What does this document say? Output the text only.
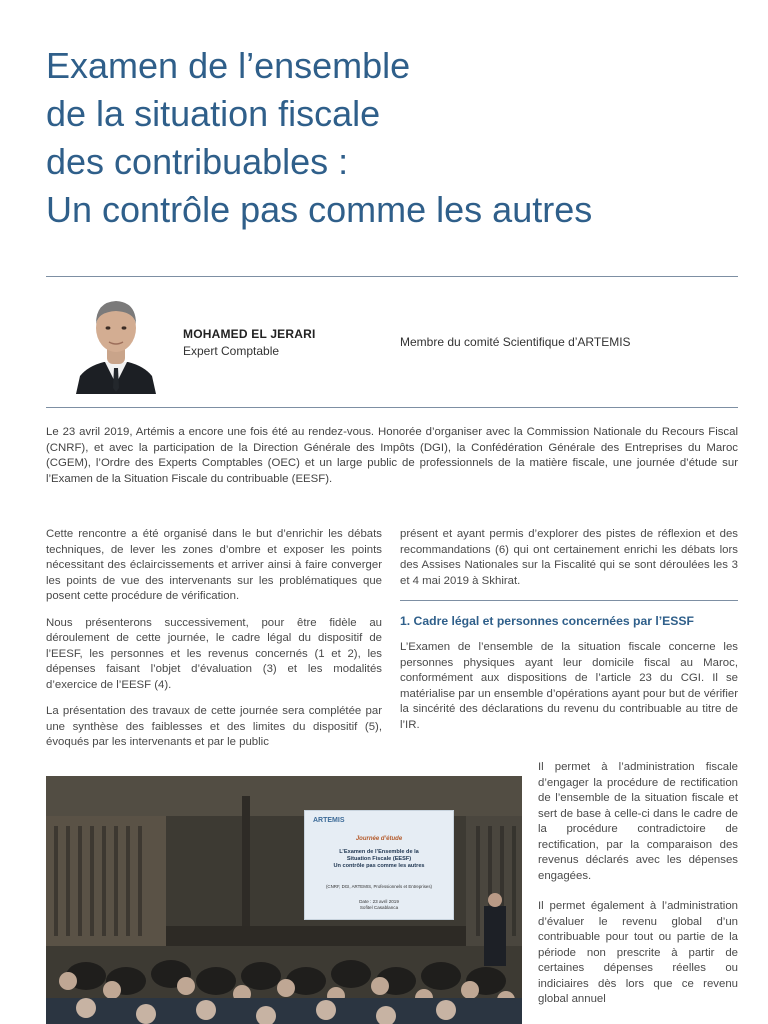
Examen de l’ensemble
de la situation fiscale
des contribuables :
Un contrôle pas comme les autres
MOHAMED EL JERARI
Expert Comptable
Membre du comité Scientifique d’ARTEMIS

Le 23 avril 2019, Artémis a encore une fois été au rendez-vous. Honorée d’organiser avec la Commission Nationale du Recours Fiscal (CNRF), et avec la participation de la Direction Générale des Impôts (DGI), la Confédération Générale des Entreprises du Maroc (CGEM), l’Ordre des Experts Comptables (OEC) et un large public de professionnels de la matière fiscale, une journée d’étude sur l’Examen de la Situation Fiscale du contribuable (EESF).

Cette rencontre a été organisé dans le but d’enrichir les débats techniques, de lever les zones d’ombre et exposer les points nécessitant des éclaircissements et arriver ainsi à faire converger les points de vue des intervenants sur les problématiques que posent cette procédure de vérification.

Nous présenterons successivement, pour être fidèle au déroulement de cette journée, le cadre légal du dispositif de l’EESF, les personnes et les revenus concernés (1 et 2), les dépenses faisant l’objet d’évaluation (3) et les modalités d’exercice de l’EESF (4).

La présentation des travaux de cette journée sera complétée par une synthèse des faiblesses et des limites du dispositif (5), évoqués par les intervenants et par le public

présent et ayant permis d’explorer des pistes de réflexion et des recommandations (6) qui ont certainement enrichi les débats lors des Assises Nationales sur la Fiscalité qui se sont déroulées les 3 et 4 mai 2019 à Skhirat.

1. Cadre légal et personnes concernées par l’ESSF

L’Examen de l’ensemble de la situation fiscale concerne les personnes physiques ayant leur domicile fiscal au Maroc, conformément aux dispositions de l’article 23 du CGI. Il se matérialise par un ensemble d’opérations ayant pour but de vérifier la sincérité des déclarations du revenu du contribuable au titre de l’IR.

Il permet à l’administration fiscale d’engager la procédure de rectification de l’ensemble de la situation fiscale et sert de base à celle-ci dans le cadre de la procédure contradictoire de rectification, par la comparaison des revenus déclarés avec les dépenses engagées.

Il permet également à l’administration d’évaluer le revenu global d’un contribuable pour tout ou partie de la période non prescrite à partir de certaines dépenses réelles ou indiciaires dès lors que ce revenu global annuel

ARTEMIS
Journée d’étude
L’Examen de l’Ensemble de la
Situation Fiscale (EESF)
Un contrôle pas comme les autres
(CNRF, DGI, ARTEMIS, Professionnels et Entreprises)
Date : 23 avril 2019
Sofitel Casablanca
